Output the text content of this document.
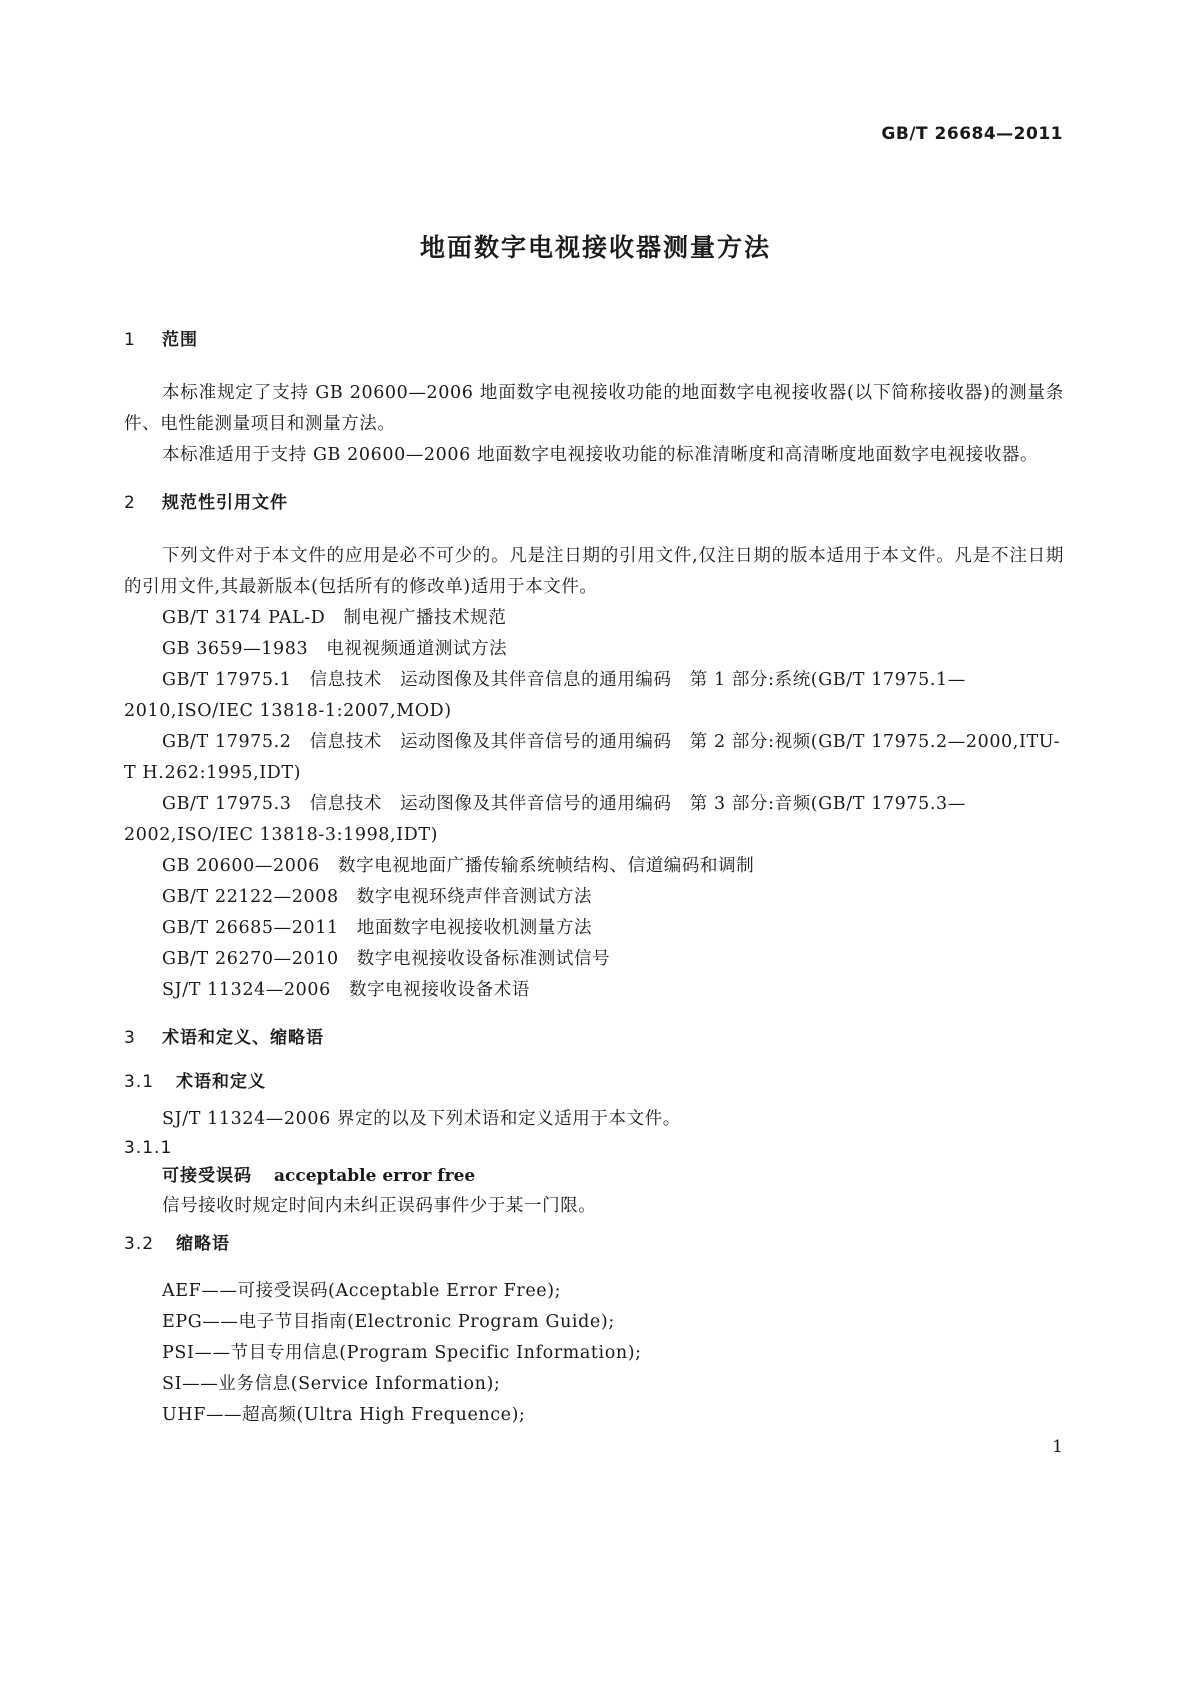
GB/T 26684—2011
地面数字电视接收器测量方法
1 范围

本标准规定了支持 GB 20600—2006 地面数字电视接收功能的地面数字电视接收器(以下简称接收器)的测量条件、电性能测量项目和测量方法。

本标准适用于支持 GB 20600—2006 地面数字电视接收功能的标准清晰度和高清晰度地面数字电视接收器。

2 规范性引用文件

下列文件对于本文件的应用是必不可少的。凡是注日期的引用文件,仅注日期的版本适用于本文件。凡是不注日期的引用文件,其最新版本(包括所有的修改单)适用于本文件。

GB/T 3174 PAL-D　制电视广播技术规范
GB 3659—1983　电视视频通道测试方法

GB/T 17975.1　信息技术　运动图像及其伴音信息的通用编码　第 1 部分:系统(GB/T 17975.1—2010,ISO/IEC 13818-1:2007,MOD)

GB/T 17975.2　信息技术　运动图像及其伴音信号的通用编码　第 2 部分:视频(GB/T 17975.2—2000,ITU-T H.262:1995,IDT)

GB/T 17975.3　信息技术　运动图像及其伴音信号的通用编码　第 3 部分:音频(GB/T 17975.3—2002,ISO/IEC 13818-3:1998,IDT)

GB 20600—2006　数字电视地面广播传输系统帧结构、信道编码和调制
GB/T 22122—2008　数字电视环绕声伴音测试方法
GB/T 26685—2011　地面数字电视接收机测量方法
GB/T 26270—2010　数字电视接收设备标准测试信号
SJ/T 11324—2006　数字电视接收设备术语
3 术语和定义、缩略语
3.1 术语和定义
SJ/T 11324—2006 界定的以及下列术语和定义适用于本文件。
3.1.1
可接受误码 acceptable error free
信号接收时规定时间内未纠正误码事件少于某一门限。
3.2 缩略语
AEF——可接受误码(Acceptable Error Free);
EPG——电子节目指南(Electronic Program Guide);
PSI——节目专用信息(Program Specific Information);
SI——业务信息(Service Information);
UHF——超高频(Ultra High Frequence);
1
